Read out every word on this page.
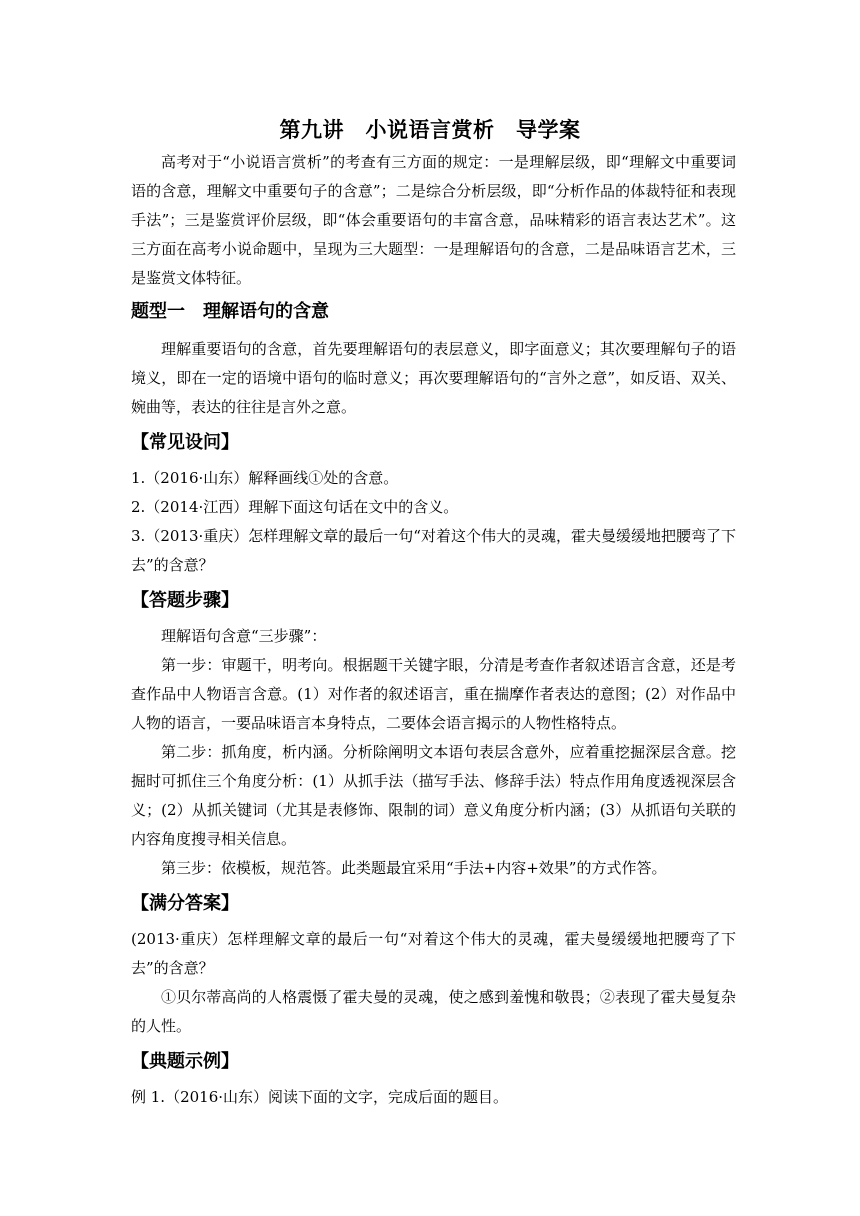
第九讲　小说语言赏析　导学案

高考对于“小说语言赏析”的考查有三方面的规定：一是理解层级，即“理解文中重要词语的含意，理解文中重要句子的含意”；二是综合分析层级，即“分析作品的体裁特征和表现手法”；三是鉴赏评价层级，即“体会重要语句的丰富含意，品味精彩的语言表达艺术”。这三方面在高考小说命题中，呈现为三大题型：一是理解语句的含意，二是品味语言艺术，三是鉴赏文体特征。

题型一　理解语句的含意

理解重要语句的含意，首先要理解语句的表层意义，即字面意义；其次要理解句子的语境义，即在一定的语境中语句的临时意义；再次要理解语句的“言外之意”，如反语、双关、婉曲等，表达的往往是言外之意。

【常见设问】

1.（2016·山东）解释画线①处的含意。

2.（2014·江西）理解下面这句话在文中的含义。

3.（2013·重庆）怎样理解文章的最后一句“对着这个伟大的灵魂，霍夫曼缓缓地把腰弯了下去”的含意？

【答题步骤】

理解语句含意“三步骤”：

第一步：审题干，明考向。根据题干关键字眼，分清是考查作者叙述语言含意，还是考查作品中人物语言含意。(1）对作者的叙述语言，重在揣摩作者表达的意图；(2）对作品中人物的语言，一要品味语言本身特点，二要体会语言揭示的人物性格特点。

第二步：抓角度，析内涵。分析除阐明文本语句表层含意外，应着重挖掘深层含意。挖掘时可抓住三个角度分析：(1）从抓手法（描写手法、修辞手法）特点作用角度透视深层含义；(2）从抓关键词（尤其是表修饰、限制的词）意义角度分析内涵；(3）从抓语句关联的内容角度搜寻相关信息。

第三步：依模板，规范答。此类题最宜采用“手法+内容+效果”的方式作答。

【满分答案】

(2013·重庆）怎样理解文章的最后一句“对着这个伟大的灵魂，霍夫曼缓缓地把腰弯了下去”的含意？

①贝尔蒂高尚的人格震慑了霍夫曼的灵魂，使之感到羞愧和敬畏；②表现了霍夫曼复杂的人性。

【典题示例】

例 1.（2016·山东）阅读下面的文字，完成后面的题目。
